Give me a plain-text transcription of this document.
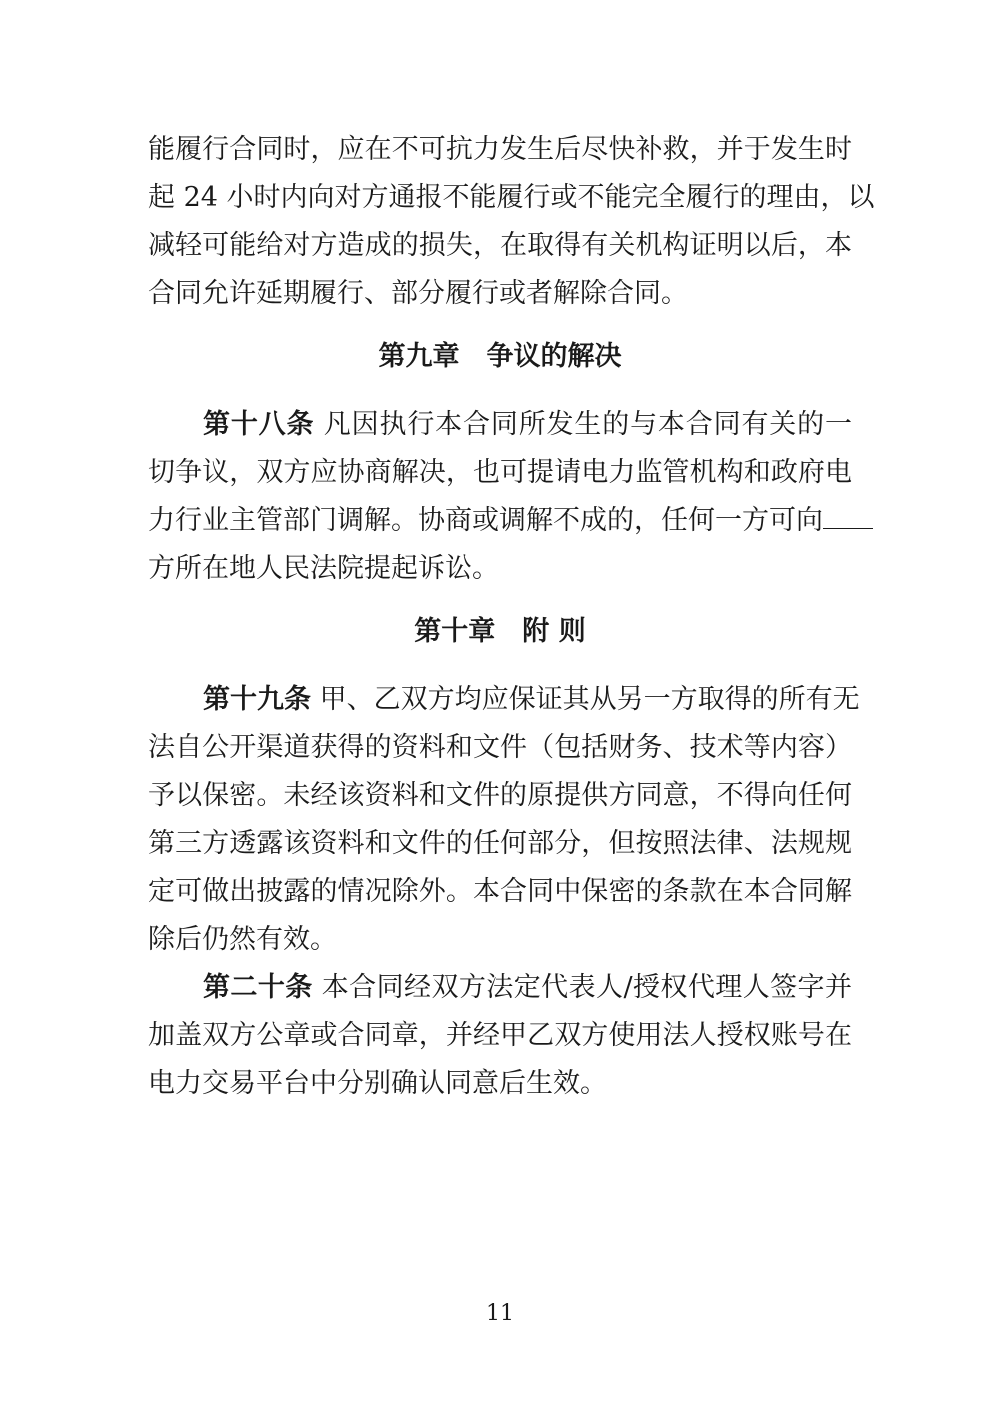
能履行合同时，应在不可抗力发生后尽快补救，并于发生时
起 24 小时内向对方通报不能履行或不能完全履行的理由，以
减轻可能给对方造成的损失，在取得有关机构证明以后，本
合同允许延期履行、部分履行或者解除合同。
第九章　争议的解决
第十八条 凡因执行本合同所发生的与本合同有关的一
切争议，双方应协商解决，也可提请电力监管机构和政府电
力行业主管部门调解。协商或调解不成的，任何一方可向
方所在地人民法院提起诉讼。
第十章　附 则
第十九条 甲、乙双方均应保证其从另一方取得的所有无
法自公开渠道获得的资料和文件（包括财务、技术等内容）
予以保密。未经该资料和文件的原提供方同意，不得向任何
第三方透露该资料和文件的任何部分，但按照法律、法规规
定可做出披露的情况除外。本合同中保密的条款在本合同解
除后仍然有效。
第二十条 本合同经双方法定代表人/授权代理人签字并
加盖双方公章或合同章，并经甲乙双方使用法人授权账号在
电力交易平台中分别确认同意后生效。
11
